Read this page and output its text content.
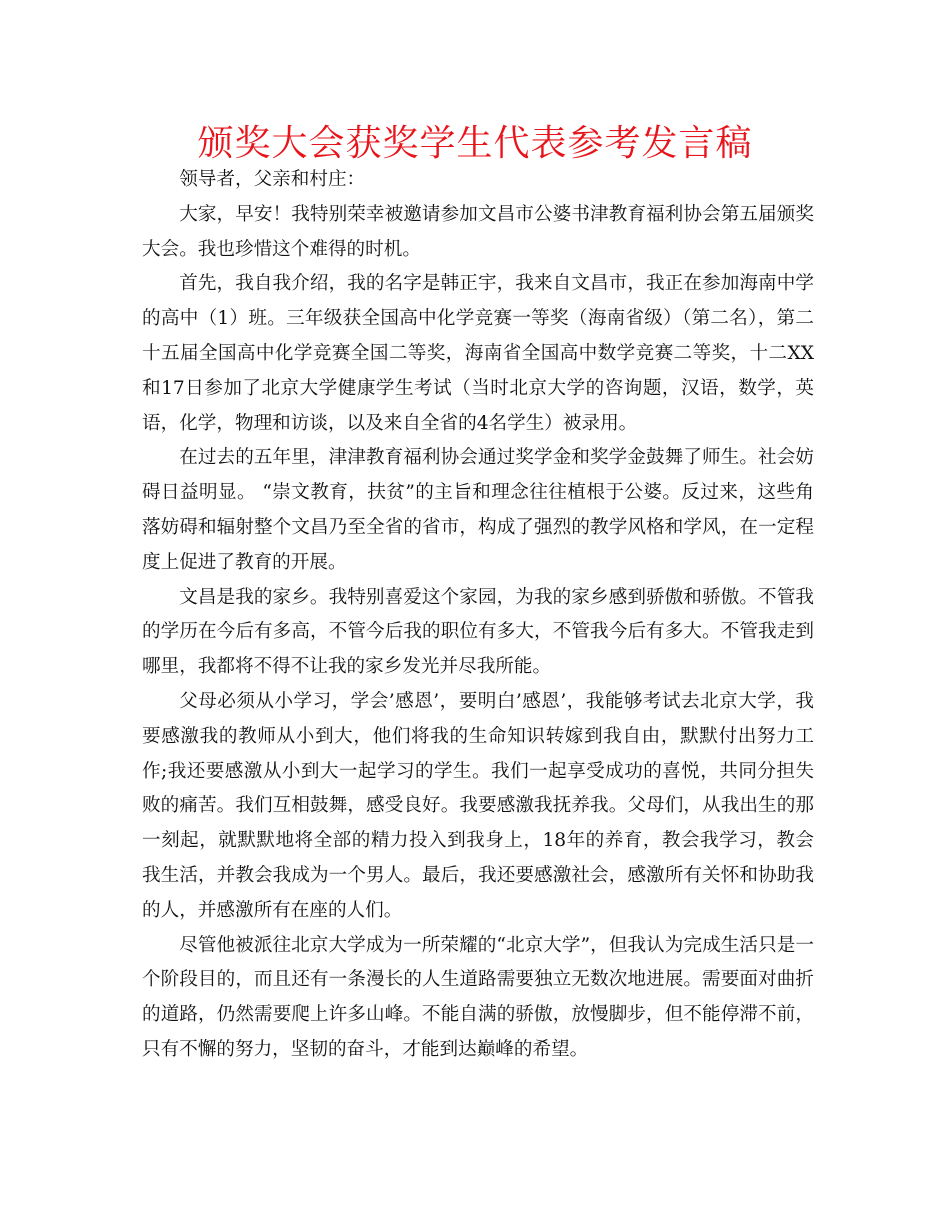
颁奖大会获奖学生代表参考发言稿

领导者，父亲和村庄：

大家，早安！我特别荣幸被邀请参加文昌市公婆书津教育福利协会第五届颁奖大会。我也珍惜这个难得的时机。

首先，我自我介绍，我的名字是韩正宇，我来自文昌市，我正在参加海南中学的高中（1）班。三年级获全国高中化学竞赛一等奖（海南省级）（第二名），第二十五届全国高中化学竞赛全国二等奖，海南省全国高中数学竞赛二等奖，十二XX和17日参加了北京大学健康学生考试（当时北京大学的咨询题，汉语，数学，英语，化学，物理和访谈，以及来自全省的4名学生）被录用。

在过去的五年里，津津教育福利协会通过奖学金和奖学金鼓舞了师生。社会妨碍日益明显。 “崇文教育，扶贫”的主旨和理念往往植根于公婆。反过来，这些角落妨碍和辐射整个文昌乃至全省的省市，构成了强烈的教学风格和学风，在一定程度上促进了教育的开展。

文昌是我的家乡。我特别喜爱这个家园，为我的家乡感到骄傲和骄傲。不管我的学历在今后有多高，不管今后我的职位有多大，不管我今后有多大。不管我走到哪里，我都将不得不让我的家乡发光并尽我所能。

父母必须从小学习，学会’感恩’，要明白’感恩’，我能够考试去北京大学，我要感激我的教师从小到大，他们将我的生命知识转嫁到我自由，默默付出努力工作;我还要感激从小到大一起学习的学生。我们一起享受成功的喜悦，共同分担失败的痛苦。我们互相鼓舞，感受良好。我要感激我抚养我。父母们，从我出生的那一刻起，就默默地将全部的精力投入到我身上，18年的养育，教会我学习，教会我生活，并教会我成为一个男人。最后，我还要感激社会，感激所有关怀和协助我的人，并感激所有在座的人们。

尽管他被派往北京大学成为一所荣耀的“北京大学”，但我认为完成生活只是一个阶段目的，而且还有一条漫长的人生道路需要独立无数次地进展。需要面对曲折的道路，仍然需要爬上许多山峰。不能自满的骄傲，放慢脚步，但不能停滞不前，只有不懈的努力，坚韧的奋斗，才能到达巅峰的希望。
